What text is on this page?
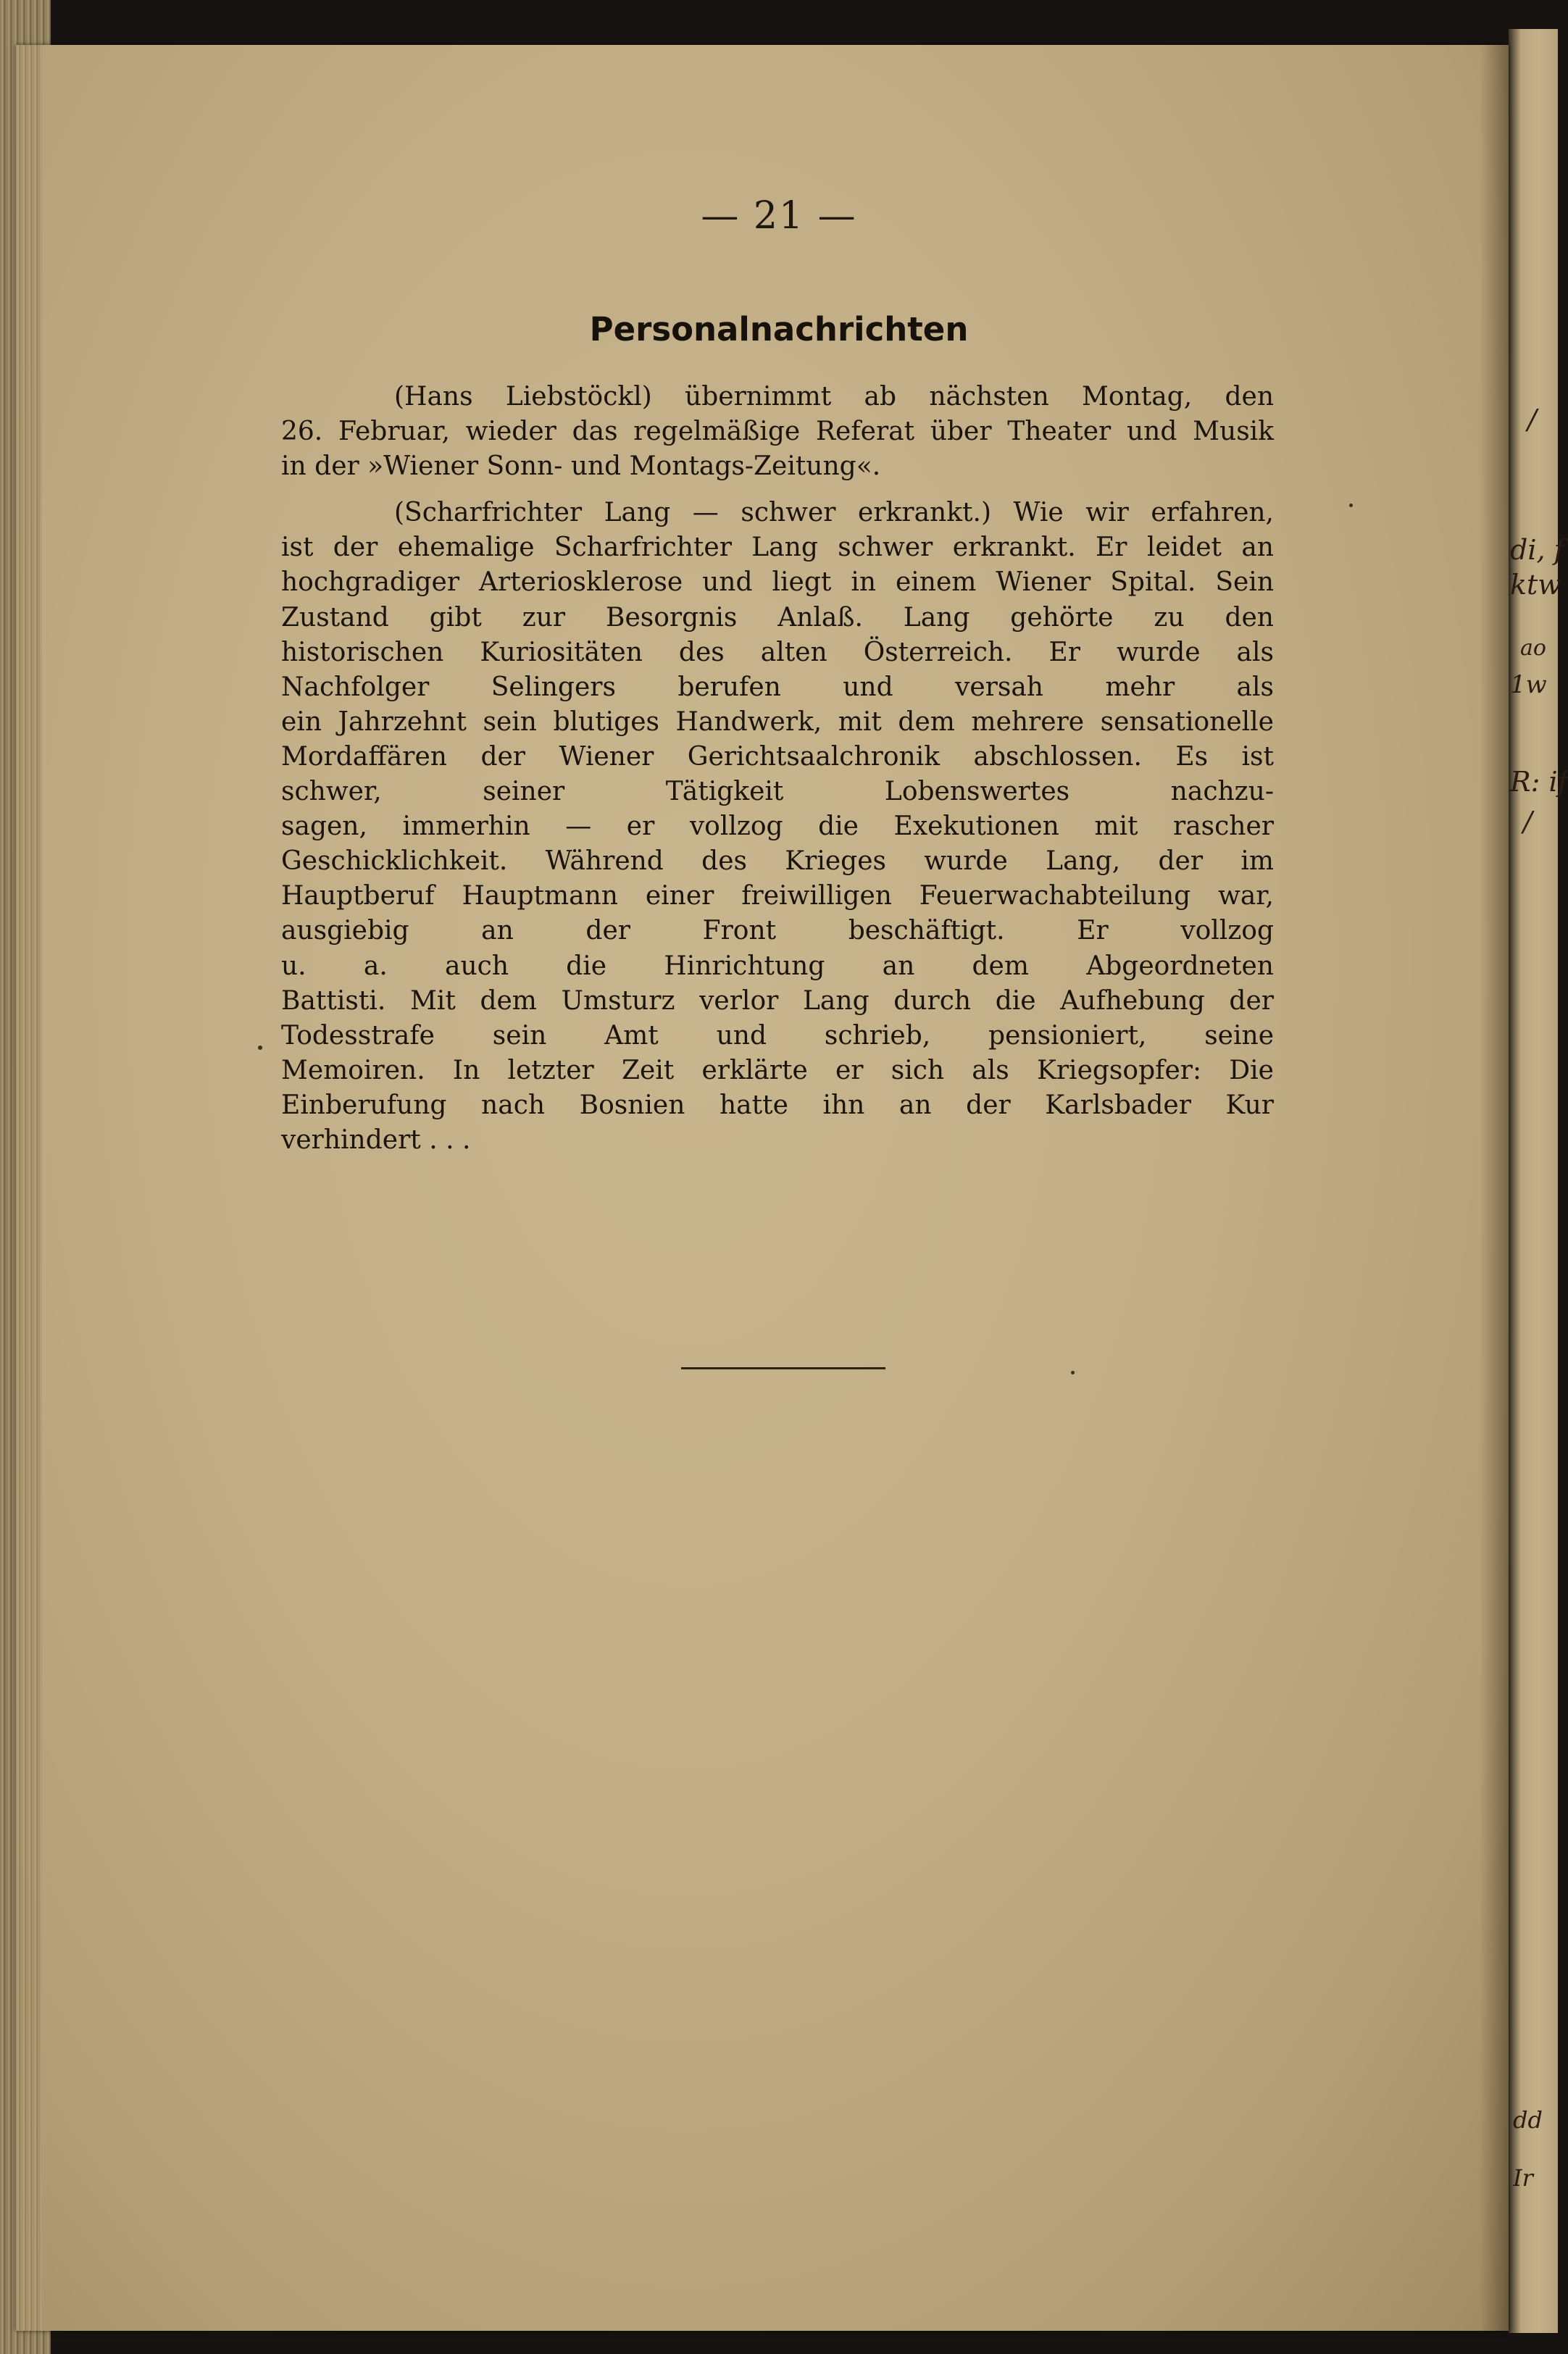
/
di, f
ktw
ao
1w
R: if
/
dd
Ir
— 21 —
Personalnachrichten
(Hans Liebstöckl) übernimmt ab nächsten Montag, den
26. Februar, wieder das regelmäßige Referat über Theater und Musik
in der »Wiener Sonn- und Montags-Zeitung«.
(Scharfrichter Lang — schwer erkrankt.) Wie wir erfahren,
ist der ehemalige Scharfrichter Lang schwer erkrankt. Er leidet an
hochgradiger Arteriosklerose und liegt in einem Wiener Spital. Sein
Zustand gibt zur Besorgnis Anlaß. Lang gehörte zu den
historischen Kuriositäten des alten Österreich. Er wurde als
Nachfolger Selingers berufen und versah mehr als
ein Jahrzehnt sein blutiges Handwerk, mit dem mehrere sensationelle
Mordaffären der Wiener Gerichtsaalchronik abschlossen. Es ist
schwer, seiner Tätigkeit Lobenswertes nachzu-
sagen, immerhin — er vollzog die Exekutionen mit rascher
Geschicklichkeit. Während des Krieges wurde Lang, der im
Hauptberuf Hauptmann einer freiwilligen Feuerwachabteilung war,
ausgiebig an der Front beschäftigt. Er vollzog
u. a. auch die Hinrichtung an dem Abgeordneten
Battisti. Mit dem Umsturz verlor Lang durch die Aufhebung der
Todesstrafe sein Amt und schrieb, pensioniert, seine
Memoiren. In letzter Zeit erklärte er sich als Kriegsopfer: Die
Einberufung nach Bosnien hatte ihn an der Karlsbader Kur
verhindert . . .
